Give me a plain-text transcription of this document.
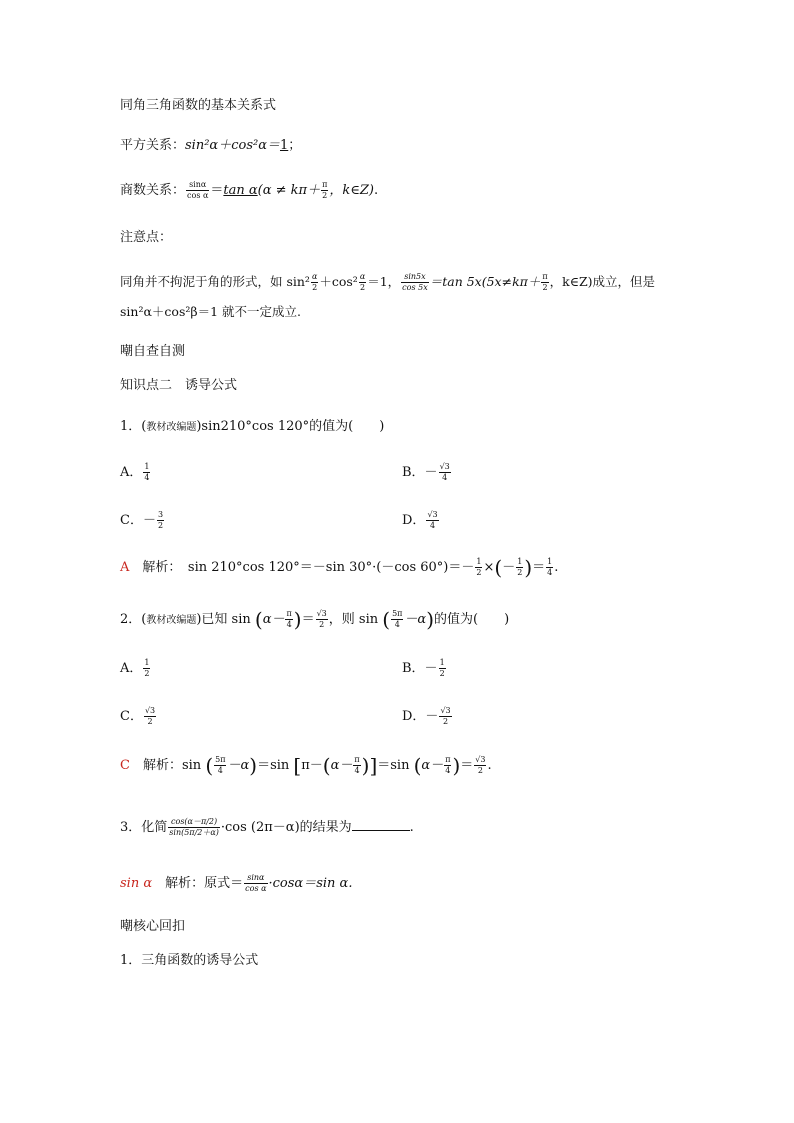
同角三角函数的基本关系式
平方关系：sin²α＋cos²α＝1；
商数关系： $\frac{\sin\alpha}{\text{cos α}} =\tan$ $\alpha(\alpha \ne k\pi+ \frac{\pi}{2}$ ，k∈Z).
注意点：
同角并不拘泥于角的形式，如 $\sin^2 \frac{\alpha}{2} +\cos^2 \frac{\alpha}{2} =1$， $\frac{\sin 5x}{\cos 5x} =\tan$ $5x(5x\ne k\pi+ \frac{\pi}{2}$ ，k∈Z)成立，但是
sin²α＋cos²β＝1 就不一定成立.
嘲自查自测
知识点二　诱导公式
1．(教材改编题)sin210°cos 120°的值为(　　)
A． $\frac{1}{4}$	B．－ $\frac{√3}{4}$
C．－ $\frac{3}{2}$	D． $\frac{√3}{4}$
A　 解析：　sin 210°cos 120°＝－sin 30°·(－cos $60^\circ)=- \frac{1}{2}$ ×(－ $\frac{1}{2}$ )＝ $\frac{1}{4}$ .
2．(教材改编题)已知 $\sin (\alpha- \frac{\pi}{4}$ )＝ $\frac{√3}{2}$ ，则 sin ( $\frac{5\pi}{4} -\alpha$)的值为(　　)
A． $\frac{1}{2}$	B．－ $\frac{1}{2}$
C． $\frac{√3}{2}$	D．－ $\frac{√3}{2}$
C　 解析：sin ( $\frac{5\pi}{4} -\alpha)=\sin$ $[\pi-(\alpha- \frac{\pi}{4} )]=\sin$ ($\alpha- \frac{\pi}{4}$ )＝ $\frac{√3}{2}$ .
3．化简 $\frac{\cos(\alpha-\pi/2)}{\sin(5\pi/2+\alpha)} \cdot\cos$ (2π－α)的结果为	.
sin α　 解析：原式＝ $\frac{\sin\alpha}{\text{cos α}} \cdot\cos\alpha=\sin$ α.
嘲核心回扣
1．三角函数的诱导公式
